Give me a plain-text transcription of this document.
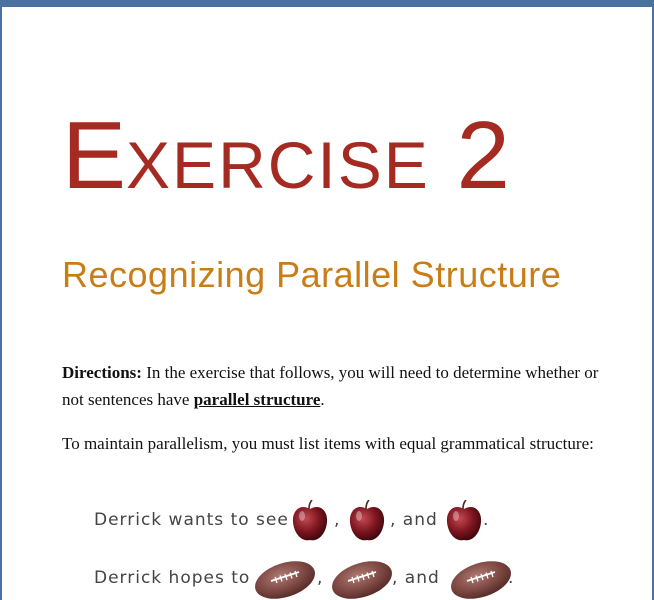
EXERCISE 2
Recognizing Parallel Structure
Directions: In the exercise that follows, you will need to determine whether or not sentences have parallel structure.
To maintain parallelism, you must list items with equal grammatical structure:
Derrick wants to see	,	, and	.
Derrick hopes to	,	, and	.
